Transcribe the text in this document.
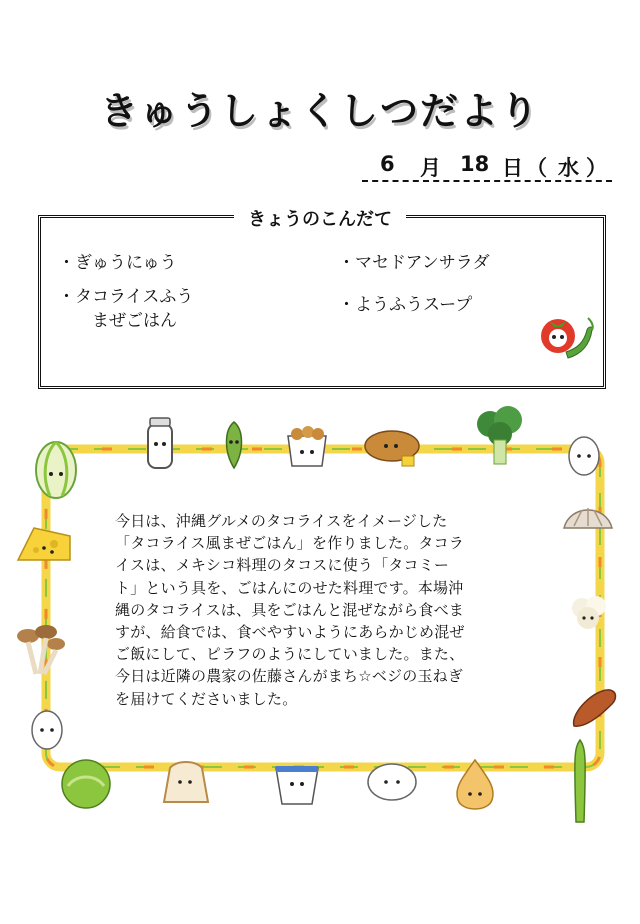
きゅうしょくしつだより
6 月 18 日 （ 水 ）
きょうのこんだて
・ぎゅうにゅう
・タコライスふう
まぜごはん
・マセドアンサラダ
・ようふうスープ
今日は、沖縄グルメのタコライスをイメージした
「タコライス風まぜごはん」を作りました。タコラ
イスは、メキシコ料理のタコスに使う「タコミー
ト」という具を、ごはんにのせた料理です。本場沖
縄のタコライスは、具をごはんと混ぜながら食べま
すが、給食では、食べやすいようにあらかじめ混ぜ
ご飯にして、ピラフのようにしていました。また、
今日は近隣の農家の佐藤さんがまち☆ベジの玉ねぎ
を届けてくださいました。
